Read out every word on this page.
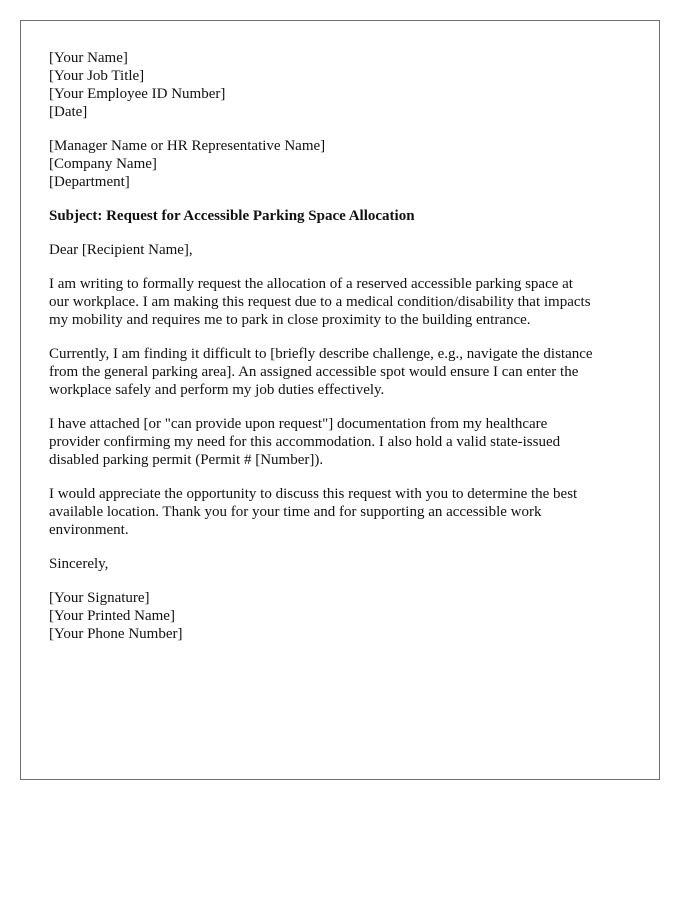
[Your Name]
[Your Job Title]
[Your Employee ID Number]
[Date]
[Manager Name or HR Representative Name]
[Company Name]
[Department]
Subject: Request for Accessible Parking Space Allocation
Dear [Recipient Name],
I am writing to formally request the allocation of a reserved accessible parking space at
our workplace. I am making this request due to a medical condition/disability that impacts
my mobility and requires me to park in close proximity to the building entrance.
Currently, I am finding it difficult to [briefly describe challenge, e.g., navigate the distance
from the general parking area]. An assigned accessible spot would ensure I can enter the
workplace safely and perform my job duties effectively.
I have attached [or "can provide upon request"] documentation from my healthcare
provider confirming my need for this accommodation. I also hold a valid state-issued
disabled parking permit (Permit # [Number]).
I would appreciate the opportunity to discuss this request with you to determine the best
available location. Thank you for your time and for supporting an accessible work
environment.
Sincerely,
[Your Signature]
[Your Printed Name]
[Your Phone Number]
